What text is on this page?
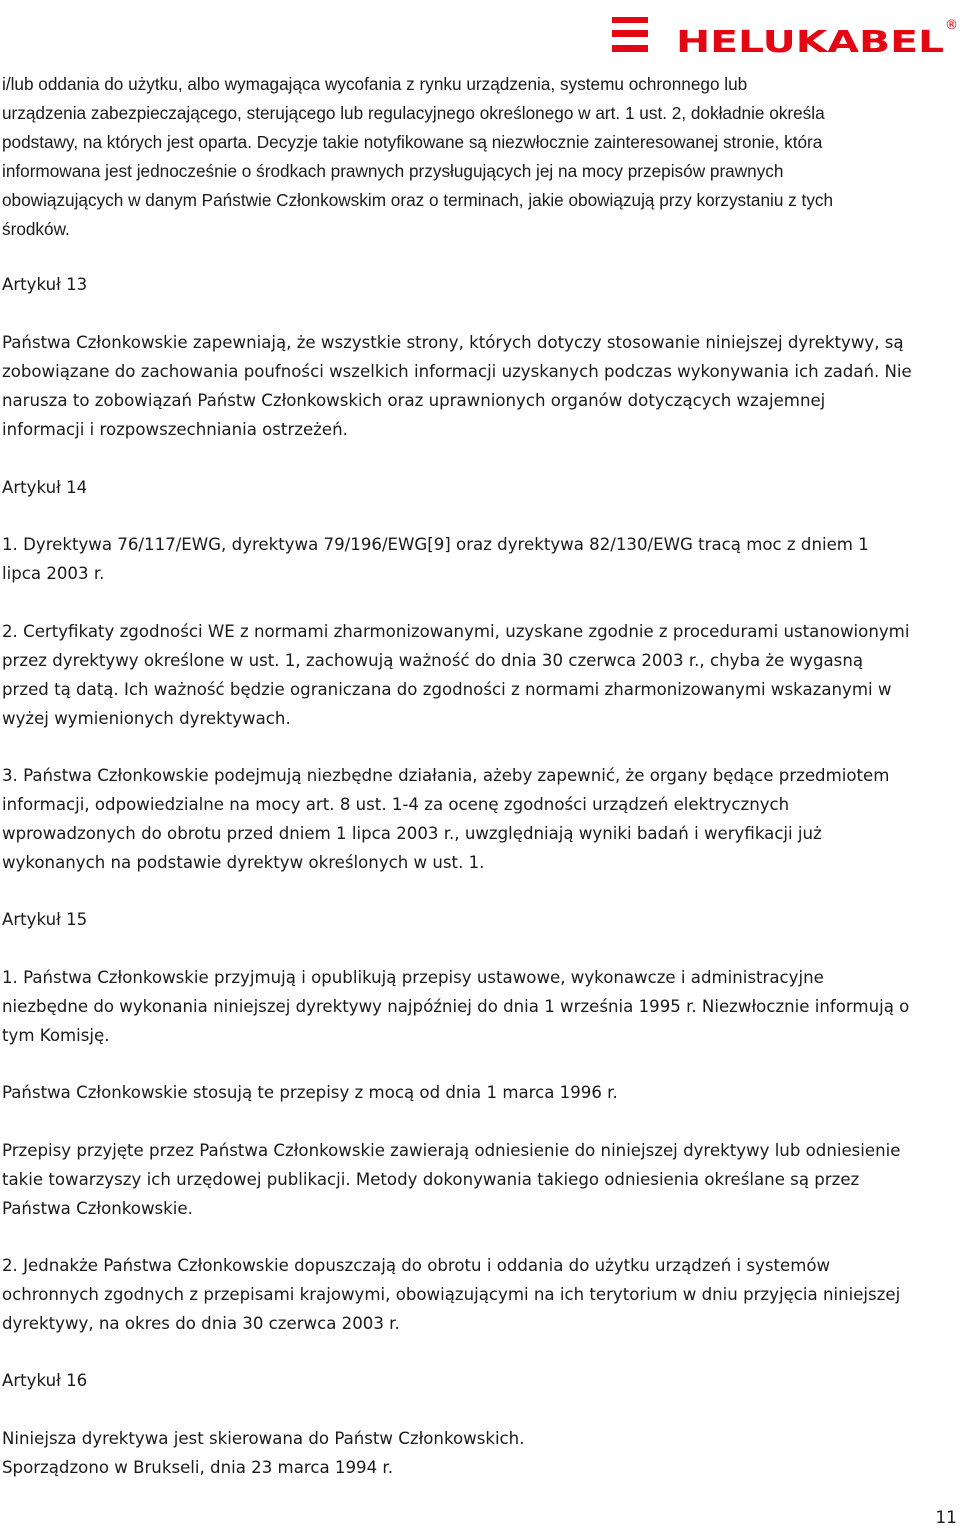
HELUKABEL ®
i/lub oddania do użytku, albo wymagająca wycofania z rynku urządzenia, systemu ochronnego lub
urządzenia zabezpieczającego, sterującego lub regulacyjnego określonego w art. 1 ust. 2, dokładnie określa
podstawy, na których jest oparta. Decyzje takie notyfikowane są niezwłocznie zainteresowanej stronie, która
informowana jest jednocześnie o środkach prawnych przysługujących jej na mocy przepisów prawnych
obowiązujących w danym Państwie Członkowskim oraz o terminach, jakie obowiązują przy korzystaniu z tych
środków.
Artykuł 13
Państwa Członkowskie zapewniają, że wszystkie strony, których dotyczy stosowanie niniejszej dyrektywy, są
zobowiązane do zachowania poufności wszelkich informacji uzyskanych podczas wykonywania ich zadań. Nie
narusza to zobowiązań Państw Członkowskich oraz uprawnionych organów dotyczących wzajemnej
informacji i rozpowszechniania ostrzeżeń.
Artykuł 14
1. Dyrektywa 76/117/EWG, dyrektywa 79/196/EWG[9] oraz dyrektywa 82/130/EWG tracą moc z dniem 1
lipca 2003 r.
2. Certyfikaty zgodności WE z normami zharmonizowanymi, uzyskane zgodnie z procedurami ustanowionymi
przez dyrektywy określone w ust. 1, zachowują ważność do dnia 30 czerwca 2003 r., chyba że wygasną
przed tą datą. Ich ważność będzie ograniczana do zgodności z normami zharmonizowanymi wskazanymi w
wyżej wymienionych dyrektywach.
3. Państwa Członkowskie podejmują niezbędne działania, ażeby zapewnić, że organy będące przedmiotem
informacji, odpowiedzialne na mocy art. 8 ust. 1-4 za ocenę zgodności urządzeń elektrycznych
wprowadzonych do obrotu przed dniem 1 lipca 2003 r., uwzględniają wyniki badań i weryfikacji już
wykonanych na podstawie dyrektyw określonych w ust. 1.
Artykuł 15
1. Państwa Członkowskie przyjmują i opublikują przepisy ustawowe, wykonawcze i administracyjne
niezbędne do wykonania niniejszej dyrektywy najpóźniej do dnia 1 września 1995 r. Niezwłocznie informują o
tym Komisję.
Państwa Członkowskie stosują te przepisy z mocą od dnia 1 marca 1996 r.
Przepisy przyjęte przez Państwa Członkowskie zawierają odniesienie do niniejszej dyrektywy lub odniesienie
takie towarzyszy ich urzędowej publikacji. Metody dokonywania takiego odniesienia określane są przez
Państwa Członkowskie.
2. Jednakże Państwa Członkowskie dopuszczają do obrotu i oddania do użytku urządzeń i systemów
ochronnych zgodnych z przepisami krajowymi, obowiązującymi na ich terytorium w dniu przyjęcia niniejszej
dyrektywy, na okres do dnia 30 czerwca 2003 r.
Artykuł 16
Niniejsza dyrektywa jest skierowana do Państw Członkowskich.
Sporządzono w Brukseli, dnia 23 marca 1994 r.
11
